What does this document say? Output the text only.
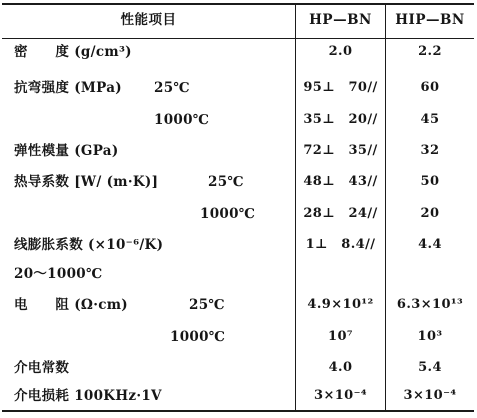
性能项目	HP—BN	HIP—BN
密　　度 (g/cm³)	2.0	2.2
抗弯强度 (MPa) 25℃	95⊥　70//	60
1000℃	35⊥　20//	45
弹性模量 (GPa)	72⊥　35//	32
热导系数 [W/ (m·K)]	25℃	48⊥　43//	50
1000℃	28⊥　24//	20
线膨胀系数 (×10⁻⁶/K)	1⊥　8.4//	4.4
20～1000℃
电　　阻 (Ω·cm)	25℃	4.9×10¹²	6.3×10¹³
1000℃	10⁷	10³
介电常数	4.0	5.4
介电损耗 100KHz·1V	3×10⁻⁴	3×10⁻⁴
